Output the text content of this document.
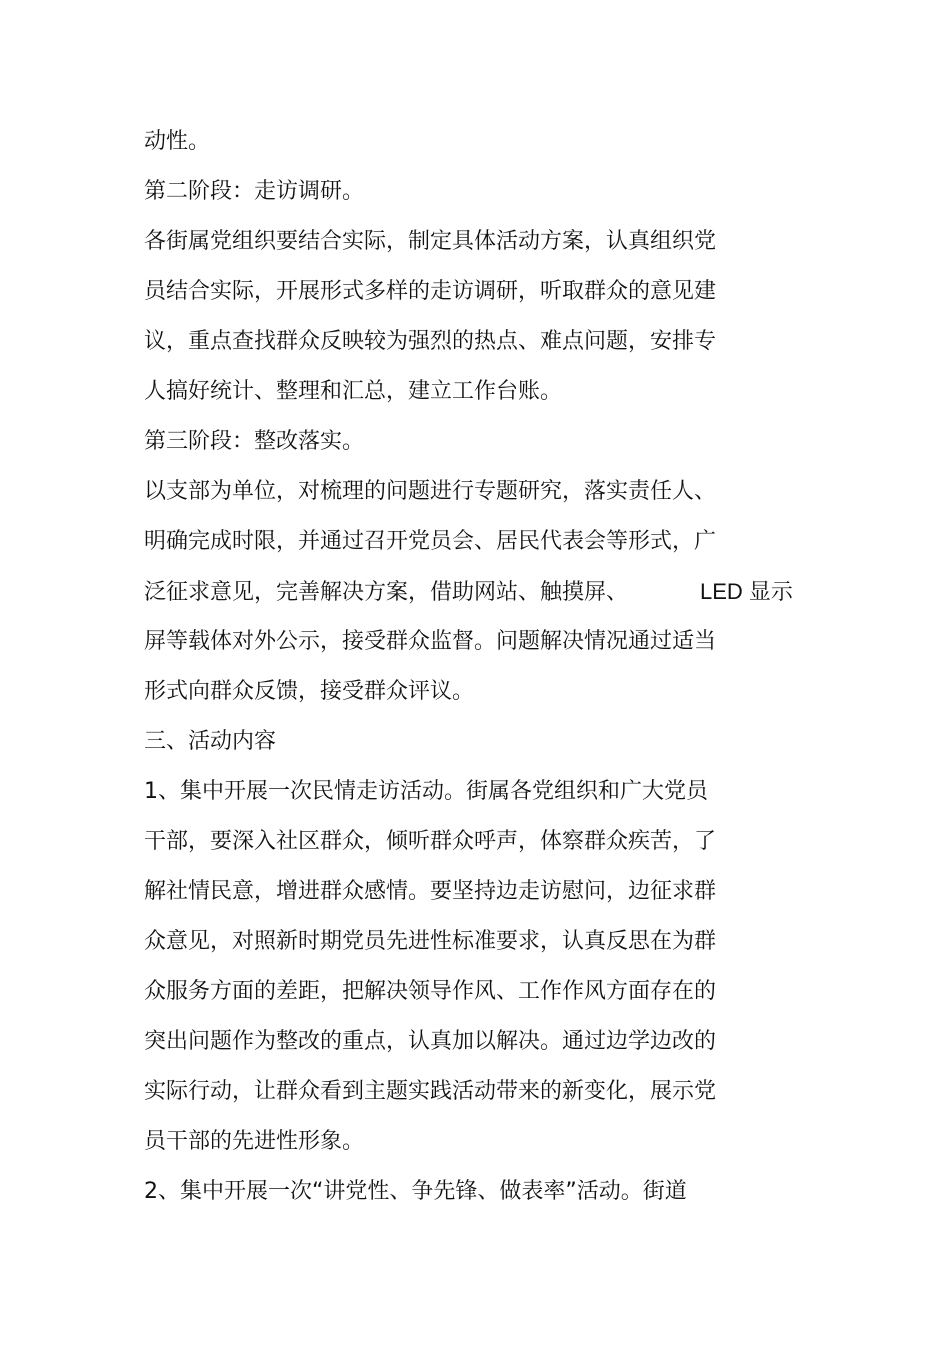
动性。
第二阶段：走访调研。
各街属党组织要结合实际，制定具体活动方案，认真组织党
员结合实际，开展形式多样的走访调研，听取群众的意见建
议，重点查找群众反映较为强烈的热点、难点问题，安排专
人搞好统计、整理和汇总，建立工作台账。
第三阶段：整改落实。
以支部为单位，对梳理的问题进行专题研究，落实责任人、
明确完成时限，并通过召开党员会、居民代表会等形式，广
泛征求意见，完善解决方案，借助网站、触摸屏、	LED 显示
屏等载体对外公示，接受群众监督。问题解决情况通过适当
形式向群众反馈，接受群众评议。
三、活动内容
1、集中开展一次民情走访活动。街属各党组织和广大党员
干部，要深入社区群众，倾听群众呼声，体察群众疾苦，了
解社情民意，增进群众感情。要坚持边走访慰问，边征求群
众意见，对照新时期党员先进性标准要求，认真反思在为群
众服务方面的差距，把解决领导作风、工作作风方面存在的
突出问题作为整改的重点，认真加以解决。通过边学边改的
实际行动，让群众看到主题实践活动带来的新变化，展示党
员干部的先进性形象。
2、集中开展一次“讲党性、争先锋、做表率”活动。街道
